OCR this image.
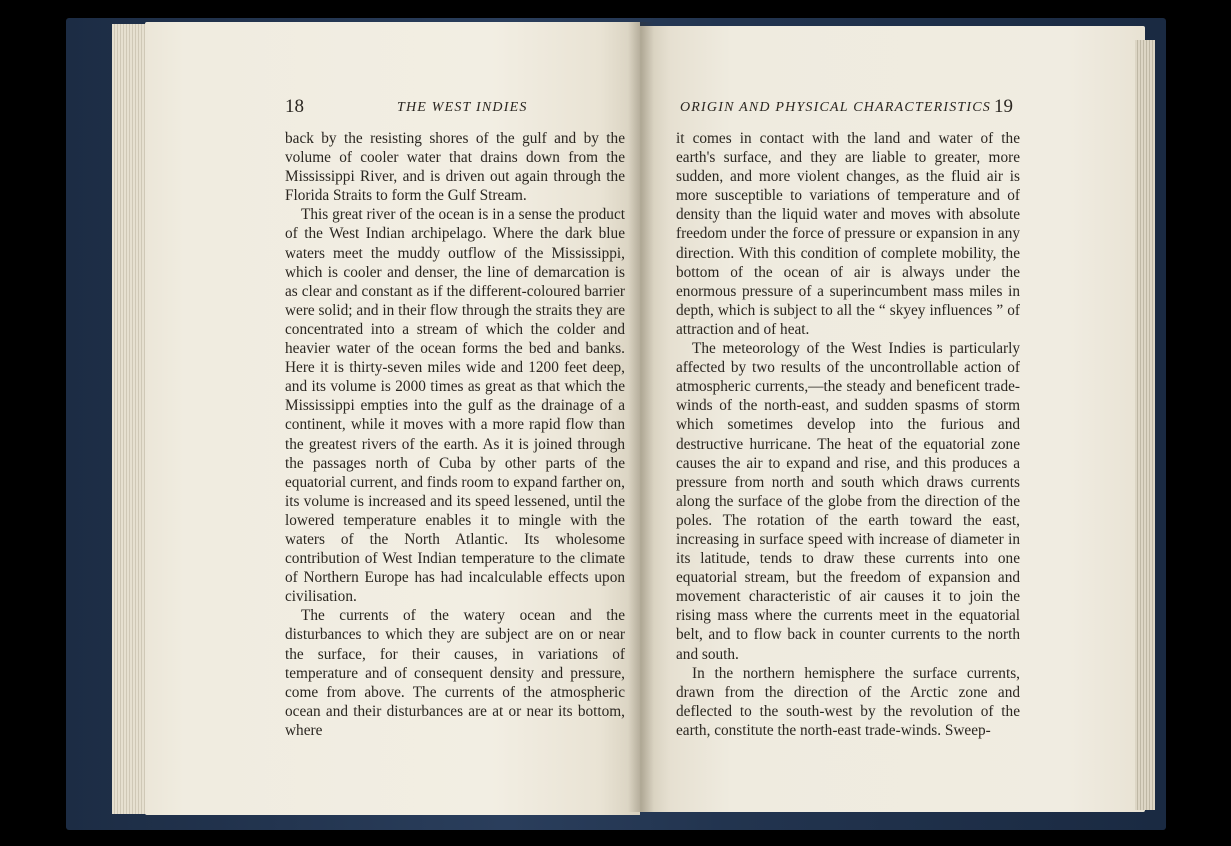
18	THE WEST INDIES	ORIGIN AND PHYSICAL CHARACTERISTICS 19

back by the resisting shores of the gulf and by the volume of cooler water that drains down from the Mississippi River, and is driven out again through the Florida Straits to form the Gulf Stream.

This great river of the ocean is in a sense the product of the West Indian archipelago. Where the dark blue waters meet the muddy outflow of the Mississippi, which is cooler and denser, the line of demarcation is as clear and constant as if the different-coloured barrier were solid; and in their flow through the straits they are concentrated into a stream of which the colder and heavier water of the ocean forms the bed and banks. Here it is thirty-seven miles wide and 1200 feet deep, and its volume is 2000 times as great as that which the Mississippi empties into the gulf as the drainage of a continent, while it moves with a more rapid flow than the greatest rivers of the earth. As it is joined through the passages north of Cuba by other parts of the equatorial current, and finds room to expand farther on, its volume is increased and its speed lessened, until the lowered temperature enables it to mingle with the waters of the North Atlantic. Its wholesome contribution of West Indian temperature to the climate of Northern Europe has had incalculable effects upon civilisation.

The currents of the watery ocean and the disturbances to which they are subject are on or near the surface, for their causes, in variations of temperature and of consequent density and pressure, come from above. The currents of the atmospheric ocean and their disturbances are at or near its bottom, where

it comes in contact with the land and water of the earth's surface, and they are liable to greater, more sudden, and more violent changes, as the fluid air is more susceptible to variations of temperature and of density than the liquid water and moves with absolute freedom under the force of pressure or expansion in any direction. With this condition of complete mobility, the bottom of the ocean of air is always under the enormous pressure of a superincumbent mass miles in depth, which is subject to all the “ skyey influences ” of attraction and of heat.

The meteorology of the West Indies is particularly affected by two results of the uncontrollable action of atmospheric currents,—the steady and beneficent trade-winds of the north-east, and sudden spasms of storm which sometimes develop into the furious and destructive hurricane. The heat of the equatorial zone causes the air to expand and rise, and this produces a pressure from north and south which draws currents along the surface of the globe from the direction of the poles. The rotation of the earth toward the east, increasing in surface speed with increase of diameter in its latitude, tends to draw these currents into one equatorial stream, but the freedom of expansion and movement characteristic of air causes it to join the rising mass where the currents meet in the equatorial belt, and to flow back in counter currents to the north and south.

In the northern hemisphere the surface currents, drawn from the direction of the Arctic zone and deflected to the south-west by the revolution of the earth, constitute the north-east trade-winds. Sweep-
